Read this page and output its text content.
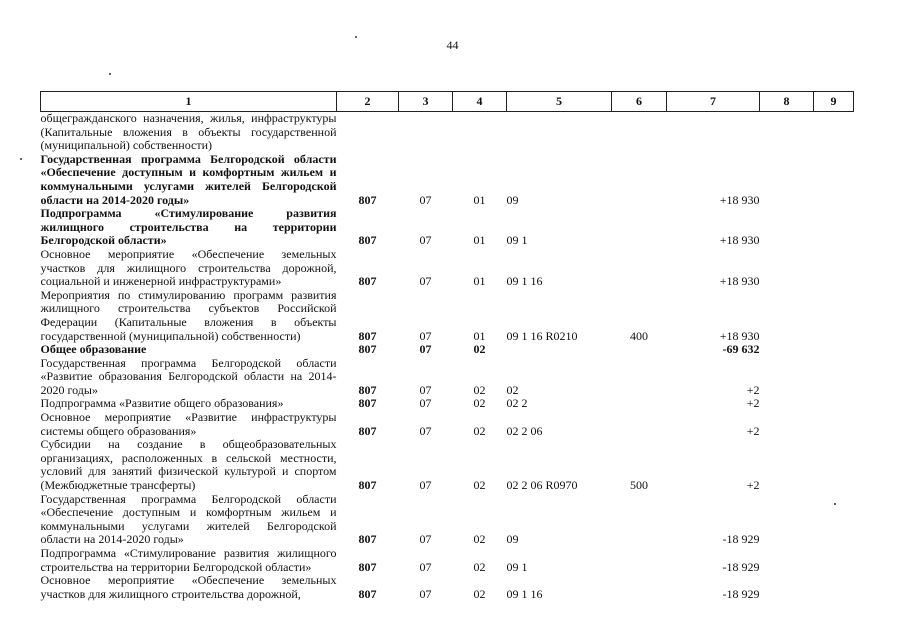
44
1	2	3	4	5	6	7	8	9
общегражданского назначения, жилья, инфраструктуры (Капитальные вложения в объекты государственной (муниципальной) собственности)								
Государственная программа Белгородской области «Обеспечение доступным и комфортным жильем и коммунальными услугами жителей Белгородской области на 2014-2020 годы»	807	07	01	09		+18 930		
Подпрограмма «Стимулирование развития жилищного строительства на территории Белгородской области»	807	07	01	09 1		+18 930		
Основное мероприятие «Обеспечение земельных участков для жилищного строительства дорожной, социальной и инженерной инфраструктурами»	807	07	01	09 1 16		+18 930		
Мероприятия по стимулированию программ развития жилищного строительства субъектов Российской Федерации (Капитальные вложения в объекты государственной (муниципальной) собственности)	807	07	01	09 1 16 R0210	400	+18 930		
Общее образование	807	07	02			-69 632		
Государственная программа Белгородской области «Развитие образования Белгородской области на 2014-2020 годы»	807	07	02	02		+2		
Подпрограмма «Развитие общего образования»	807	07	02	02 2		+2		
Основное мероприятие «Развитие инфраструктуры системы общего образования»	807	07	02	02 2 06		+2		
Субсидии на создание в общеобразовательных организациях, расположенных в сельской местности, условий для занятий физической культурой и спортом (Межбюджетные трансферты)	807	07	02	02 2 06 R0970	500	+2		
Государственная программа Белгородской области «Обеспечение доступным и комфортным жильем и коммунальными услугами жителей Белгородской области на 2014-2020 годы»	807	07	02	09		-18 929		
Подпрограмма «Стимулирование развития жилищного строительства на территории Белгородской области»	807	07	02	09 1		-18 929		
Основное мероприятие «Обеспечение земельных участков для жилищного строительства дорожной,	807	07	02	09 1 16		-18 929		
